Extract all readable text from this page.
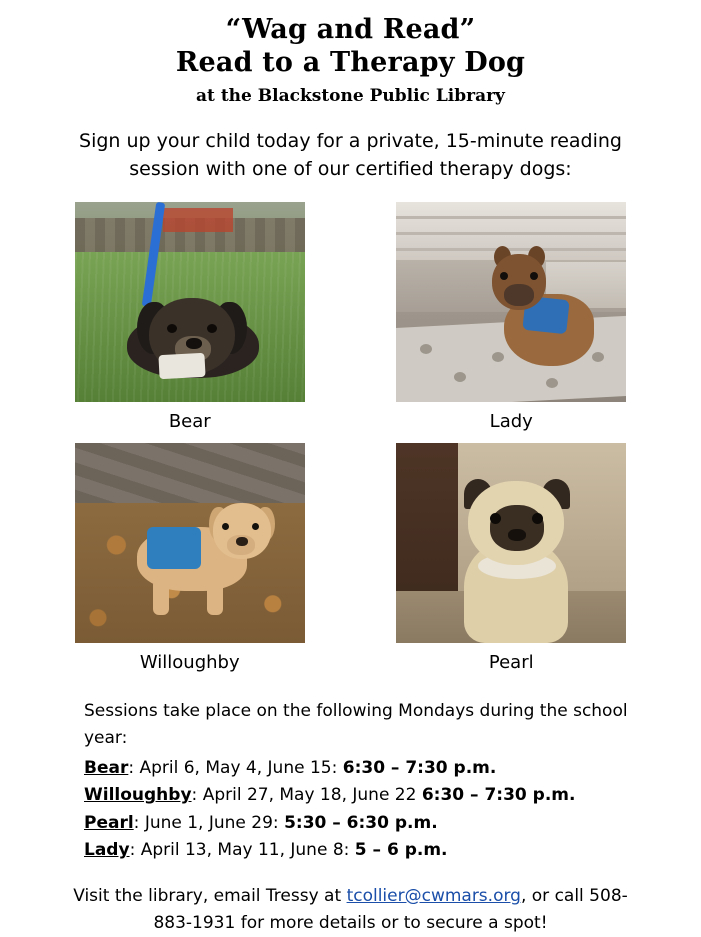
“Wag and Read”
Read to a Therapy Dog
at the Blackstone Public Library
Sign up your child today for a private, 15-minute reading session with one of our certified therapy dogs:
Bear	Lady
Willoughby	Pearl
Sessions take place on the following Mondays during the school year:
Bear: April 6, May 4, June 15: 6:30 – 7:30 p.m.
Willoughby: April 27, May 18, June 22 6:30 – 7:30 p.m.
Pearl: June 1, June 29: 5:30 – 6:30 p.m.
Lady: April 13, May 11, June 8: 5 – 6 p.m.
Visit the library, email Tressy at tcollier@cwmars.org, or call 508-883-1931 for more details or to secure a spot!
